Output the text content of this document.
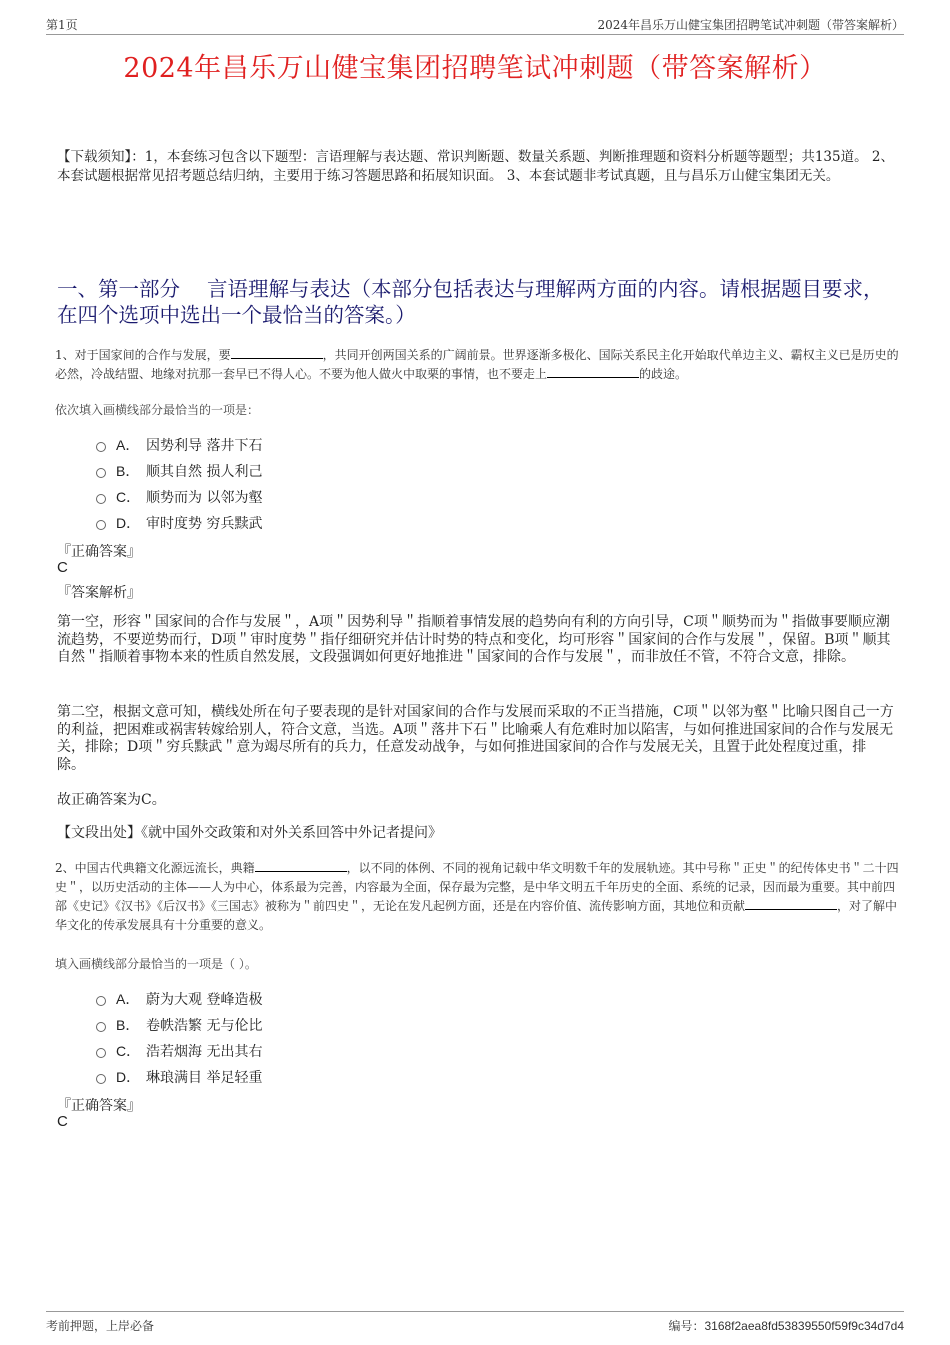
第1页	2024年昌乐万山健宝集团招聘笔试冲刺题（带答案解析）
2024年昌乐万山健宝集团招聘笔试冲刺题（带答案解析）
【下载须知】：1，本套练习包含以下题型：言语理解与表达题、常识判断题、数量关系题、判断推理题和资料分析题等题型；共135道。 2、本套试题根据常见招考题总结归纳，主要用于练习答题思路和拓展知识面。 3、本套试题非考试真题，且与昌乐万山健宝集团无关。
一、第一部分　 言语理解与表达（本部分包括表达与理解两方面的内容。请根据题目要求，在四个选项中选出一个最恰当的答案。）
1、对于国家间的合作与发展，要	，共同开创两国关系的广阔前景。世界逐渐多极化、国际关系民主化开始取代单边主义、霸权主义已是历史的必然，冷战结盟、地缘对抗那一套早已不得人心。不要为他人做火中取栗的事情，也不要走上	的歧途。
依次填入画横线部分最恰当的一项是：
A． 因势利导 落井下石
B． 顺其自然 损人利己
C． 顺势而为 以邻为壑
D． 审时度势 穷兵黩武
『正确答案』
C
『答案解析』
第一空，形容＂国家间的合作与发展＂，A项＂因势利导＂指顺着事情发展的趋势向有利的方向引导，C项＂顺势而为＂指做事要顺应潮流趋势，不要逆势而行，D项＂审时度势＂指仔细研究并估计时势的特点和变化，均可形容＂国家间的合作与发展＂，保留。B项＂顺其自然＂指顺着事物本来的性质自然发展，文段强调如何更好地推进＂国家间的合作与发展＂，而非放任不管，不符合文意，排除。
第二空，根据文意可知，横线处所在句子要表现的是针对国家间的合作与发展而采取的不正当措施，C项＂以邻为壑＂比喻只图自己一方的利益，把困难或祸害转嫁给别人，符合文意，当选。A项＂落井下石＂比喻乘人有危难时加以陷害，与如何推进国家间的合作与发展无关，排除；D项＂穷兵黩武＂意为竭尽所有的兵力，任意发动战争，与如何推进国家间的合作与发展无关，且置于此处程度过重，排除。
故正确答案为C。
【文段出处】《就中国外交政策和对外关系回答中外记者提问》
2、中国古代典籍文化源远流长，典籍	，以不同的体例、不同的视角记载中华文明数千年的发展轨迹。其中号称＂正史＂的纪传体史书＂二十四史＂，以历史活动的主体——人为中心，体系最为完善，内容最为全面，保存最为完整，是中华文明五千年历史的全面、系统的记录，因而最为重要。其中前四部《史记》《汉书》《后汉书》《三国志》被称为＂前四史＂，无论在发凡起例方面，还是在内容价值、流传影响方面，其地位和贡献	，对了解中华文化的传承发展具有十分重要的意义。
填入画横线部分最恰当的一项是（ ）。
A． 蔚为大观 登峰造极
B． 卷帙浩繁 无与伦比
C． 浩若烟海 无出其右
D． 琳琅满目 举足轻重
『正确答案』
C
考前押题，上岸必备	编号：3168f2aea8fd53839550f59f9c34d7d4
